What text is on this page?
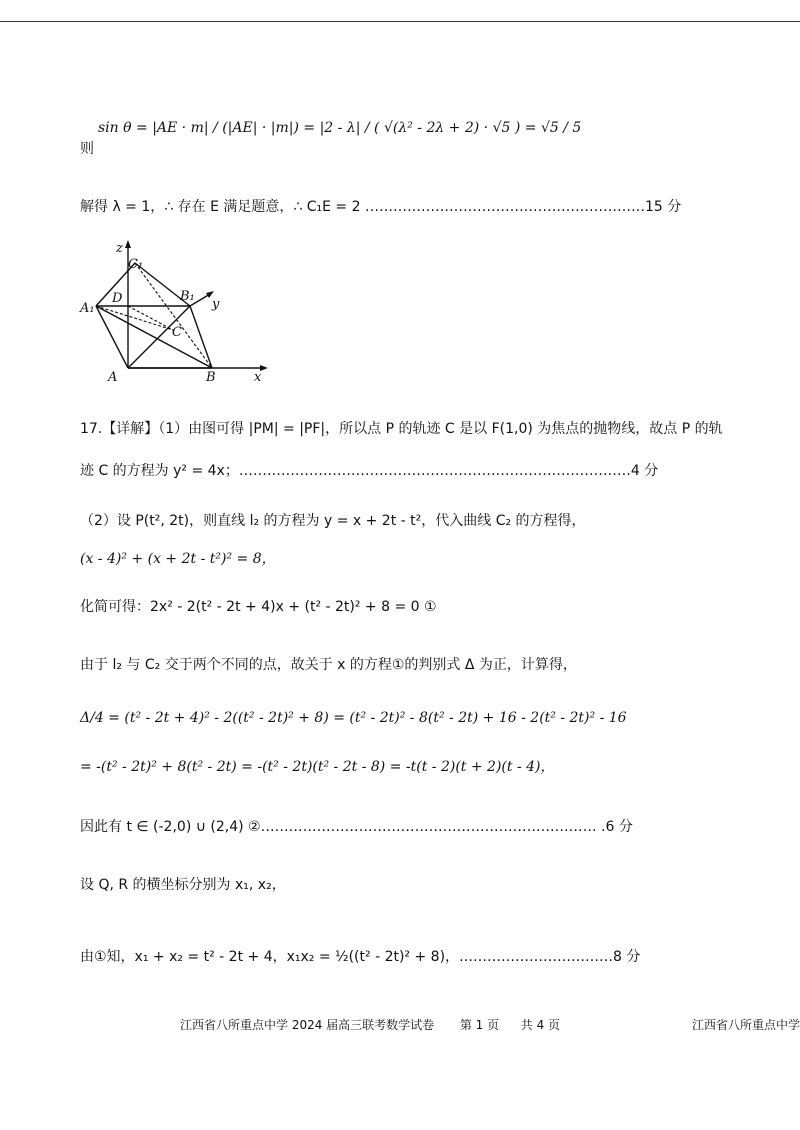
则
sin θ = |AE · m| / (|AE| · |m|) = |2 - λ| / ( √(λ² - 2λ + 2) · √5 ) = √5 / 5
解得 λ = 1，∴ 存在 E 满足题意，∴ C₁E = 2 ……………………………………………………15 分
z
C₁
D	B₁
y
A₁
C
A	B	x
17.【详解】（1）由图可得 |PM| = |PF|，所以点 P 的轨迹 C 是以 F(1,0) 为焦点的抛物线，故点 P 的轨
迹 C 的方程为 y² = 4x；…………………………………………………………………………4 分
（2）设 P(t², 2t)，则直线 l₂ 的方程为 y = x + 2t - t²，代入曲线 C₂ 的方程得，
(x - 4)² + (x + 2t - t²)² = 8，
化简可得：2x² - 2(t² - 2t + 4)x + (t² - 2t)² + 8 = 0 ①
由于 l₂ 与 C₂ 交于两个不同的点，故关于 x 的方程①的判别式 Δ 为正，计算得，
Δ/4 = (t² - 2t + 4)² - 2((t² - 2t)² + 8) = (t² - 2t)² - 8(t² - 2t) + 16 - 2(t² - 2t)² - 16
= -(t² - 2t)² + 8(t² - 2t) = -(t² - 2t)(t² - 2t - 8) = -t(t - 2)(t + 2)(t - 4)，
因此有 t ∈ (-2,0) ∪ (2,4) ②……………………………………………………………… .6 分
设 Q, R 的横坐标分别为 x₁, x₂，
由①知，x₁ + x₂ = t² - 2t + 4，x₁x₂ = ½((t² - 2t)² + 8)，……………………………8 分
江西省八所重点中学 2024 届高三联考数学试卷 第 1 页 共 4 页	江西省八所重点中学
